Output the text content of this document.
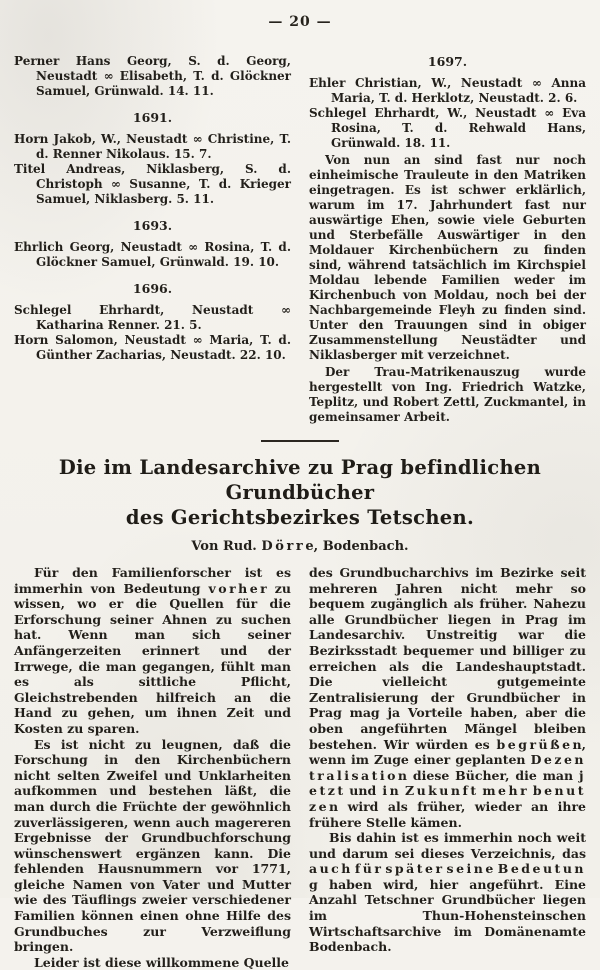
— 20 —

Perner Hans Georg, S. d. Georg, Neustadt ∞ Elisabeth, T. d. Glöckner Samuel, Grünwald. 14. 11.

1691.

Horn Jakob, W., Neustadt ∞ Christine, T. d. Renner Nikolaus. 15. 7.

Titel Andreas, Niklasberg, S. d. Christoph ∞ Susanne, T. d. Krieger Samuel, Niklasberg. 5. 11.

1693.

Ehrlich Georg, Neustadt ∞ Rosina, T. d. Glöckner Samuel, Grünwald. 19. 10.

1696.

Schlegel Ehrhardt, Neustadt ∞ Katharina Renner. 21. 5.

Horn Salomon, Neustadt ∞ Maria, T. d. Günther Zacharias, Neustadt. 22. 10.

1697.

Ehler Christian, W., Neustadt ∞ Anna Maria, T. d. Herklotz, Neustadt. 2. 6.

Schlegel Ehrhardt, W., Neustadt ∞ Eva Rosina, T. d. Rehwald Hans, Grünwald. 18. 11.

Von nun an sind fast nur noch einheimische Trauleute in den Matriken eingetragen. Es ist schwer erklärlich, warum im 17. Jahrhundert fast nur auswärtige Ehen, sowie viele Geburten und Sterbefälle Auswärtiger in den Moldauer Kirchenbüchern zu finden sind, während tatsächlich im Kirchspiel Moldau lebende Familien weder im Kirchenbuch von Moldau, noch bei der Nachbargemeinde Fleyh zu finden sind. Unter den Trauungen sind in obiger Zusammenstellung Neustädter und Niklasberger mit verzeichnet.

Der Trau-Matrikenauszug wurde hergestellt von Ing. Friedrich Watzke, Teplitz, und Robert Zettl, Zuckmantel, in gemeinsamer Arbeit.

Die im Landesarchive zu Prag befindlichen Grundbücher
des Gerichtsbezirkes Tetschen.
Von Rud. D ö r r e, Bodenbach.

Für den Familienforscher ist es immerhin von Bedeutung v o r h e r zu wissen, wo er die Quellen für die Erforschung seiner Ahnen zu suchen hat. Wenn man sich seiner Anfängerzeiten erinnert und der Irrwege, die man gegangen, fühlt man es als sittliche Pflicht, Gleichstrebenden hilfreich an die Hand zu gehen, um ihnen Zeit und Kosten zu sparen.

Es ist nicht zu leugnen, daß die Forschung in den Kirchenbüchern nicht selten Zweifel und Unklarheiten aufkommen und bestehen läßt, die man durch die Früchte der gewöhnlich zuverlässigeren, wenn auch magereren Ergebnisse der Grundbuchforschung wünschenswert ergänzen kann. Die fehlenden Hausnummern vor 1771, gleiche Namen von Vater und Mutter wie des Täuflings zweier verschiedener Familien können einen ohne Hilfe des Grundbuches zur Verzweiflung bringen.

Leider ist diese willkommene Quelle

des Grundbucharchivs im Bezirke seit mehreren Jahren nicht mehr so bequem zugänglich als früher. Nahezu alle Grundbücher liegen in Prag im Landesarchiv. Unstreitig war die Bezirksstadt bequemer und billiger zu erreichen als die Landeshauptstadt. Die vielleicht gutgemeinte Zentralisierung der Grundbücher in Prag mag ja Vorteile haben, aber die oben angeführten Mängel bleiben bestehen. Wir würden es b e g r ü ß e n, wenn im Zuge einer geplanten D e z e n t r a l i s a t i o n diese Bücher, die man j e t z t und i n Z u k u n f t m e h r b e n u t z e n wird als früher, wieder an ihre frühere Stelle kämen.

Bis dahin ist es immerhin noch weit und darum sei dieses Verzeichnis, das a u c h f ü r s p ä t e r s e i n e B e d e u t u n g haben wird, hier angeführt. Eine Anzahl Tetschner Grundbücher liegen im Thun-Hohensteinschen Wirtschaftsarchive im Domänenamte Bodenbach.
